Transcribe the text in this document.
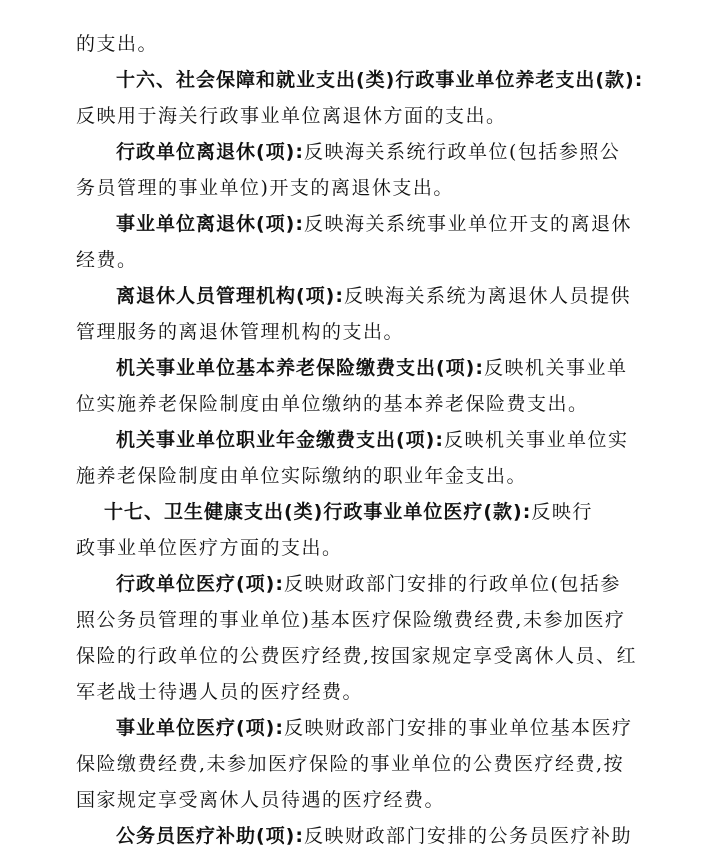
的支出。
十六、社会保障和就业支出(类)行政事业单位养老支出(款):
反映用于海关行政事业单位离退休方面的支出。
行政单位离退休(项):反映海关系统行政单位(包括参照公
务员管理的事业单位)开支的离退休支出。
事业单位离退休(项):反映海关系统事业单位开支的离退休
经费。
离退休人员管理机构(项):反映海关系统为离退休人员提供
管理服务的离退休管理机构的支出。
机关事业单位基本养老保险缴费支出(项):反映机关事业单
位实施养老保险制度由单位缴纳的基本养老保险费支出。
机关事业单位职业年金缴费支出(项):反映机关事业单位实
施养老保险制度由单位实际缴纳的职业年金支出。
十七、卫生健康支出(类)行政事业单位医疗(款):反映行
政事业单位医疗方面的支出。
行政单位医疗(项):反映财政部门安排的行政单位(包括参
照公务员管理的事业单位)基本医疗保险缴费经费,未参加医疗
保险的行政单位的公费医疗经费,按国家规定享受离休人员、红
军老战士待遇人员的医疗经费。
事业单位医疗(项):反映财政部门安排的事业单位基本医疗
保险缴费经费,未参加医疗保险的事业单位的公费医疗经费,按
国家规定享受离休人员待遇的医疗经费。
公务员医疗补助(项):反映财政部门安排的公务员医疗补助
